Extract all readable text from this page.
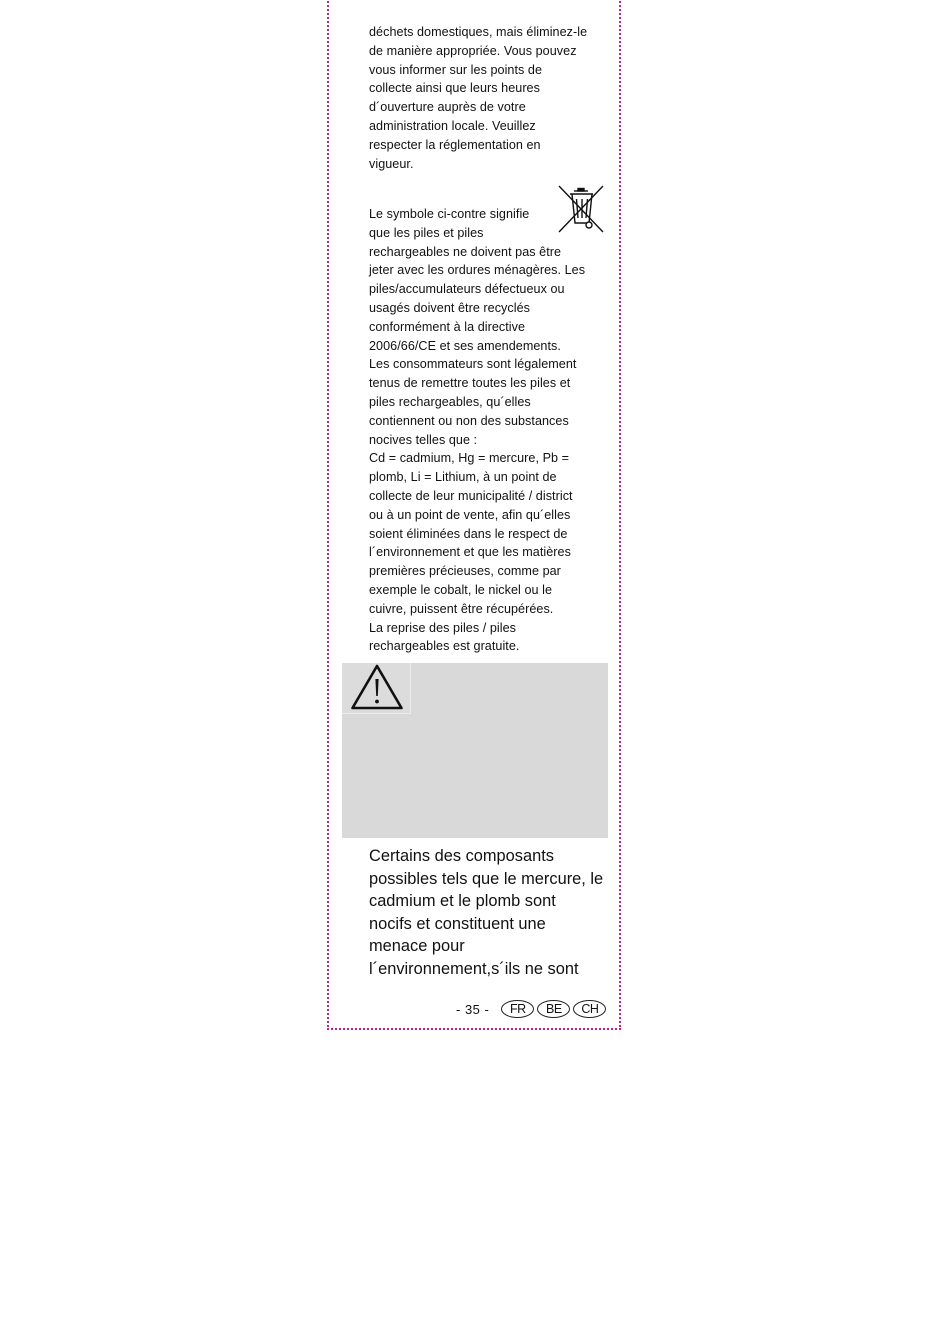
déchets domestiques, mais éliminez-le
de manière appropriée. Vous pouvez
vous informer sur les points de
collecte ainsi que leurs heures
d´ouverture auprès de votre
administration locale. Veuillez
respecter la réglementation en
vigueur.
Le symbole ci-contre signifie
que les piles et piles
rechargeables ne doivent pas être
jeter avec les ordures ménagères. Les
piles/accumulateurs défectueux ou
usagés doivent être recyclés
conformément à la directive
2006/66/CE et ses amendements.
Les consommateurs sont légalement
tenus de remettre toutes les piles et
piles rechargeables, qu´elles
contiennent ou non des substances
nocives telles que :
Cd = cadmium, Hg = mercure, Pb =
plomb, Li = Lithium, à un point de
collecte de leur municipalité / district
ou à un point de vente, afin qu´elles
soient éliminées dans le respect de
l´environnement et que les matières
premières précieuses, comme par
exemple le cobalt, le nickel ou le
cuivre, puissent être récupérées.
La reprise des piles / piles
rechargeables est gratuite.
Certains des composants
possibles tels que le mercure, le
cadmium et le plomb sont
nocifs et constituent une
menace pour
l´environnement,s´ils ne sont
- 35 -	FR	BE	CH
